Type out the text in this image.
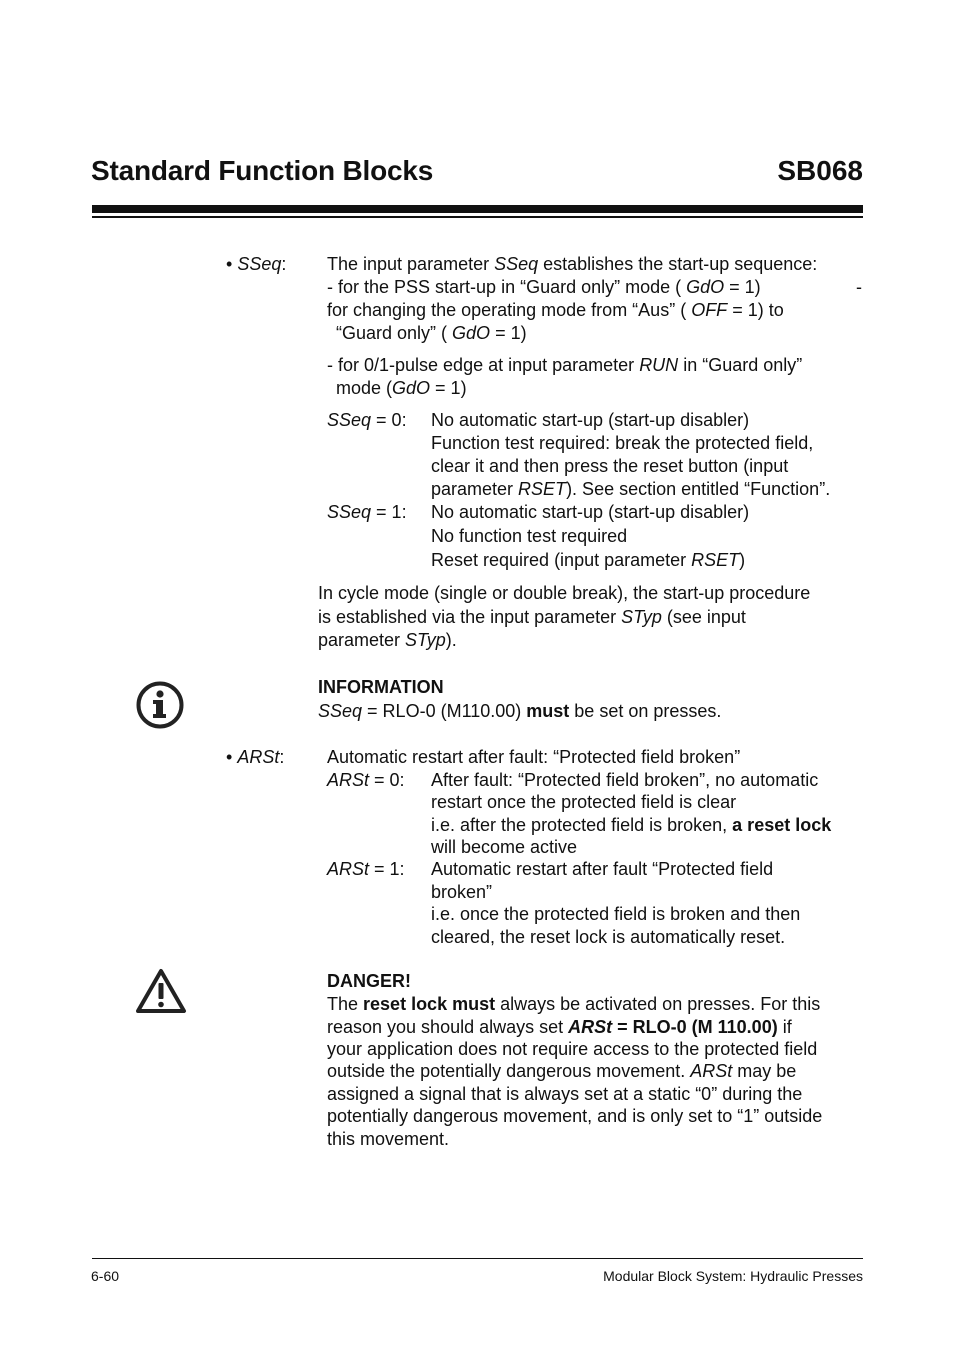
Standard Function Blocks	SB068
• SSeq: The input parameter SSeq establishes the start-up sequence:
- for the PSS start-up in “Guard only” mode ( GdO = 1)	-
for changing the operating mode from “Aus” ( OFF = 1) to
“Guard only” ( GdO = 1)
- for 0/1-pulse edge at input parameter RUN in “Guard only”
mode (GdO = 1)
SSeq = 0: No automatic start-up (start-up disabler)
Function test required: break the protected field,
clear it and then press the reset button (input
parameter RSET). See section entitled “Function”.
SSeq = 1: No automatic start-up (start-up disabler)
No function test required
Reset required (input parameter RSET)
In cycle mode (single or double break), the start-up procedure
is established via the input parameter STyp (see input
parameter STyp).
INFORMATION
SSeq = RLO-0 (M110.00) must be set on presses.
• ARSt: Automatic restart after fault: “Protected field broken”
ARSt = 0: After fault: “Protected field broken”, no automatic
restart once the protected field is clear
i.e. after the protected field is broken, a reset lock
will become active
ARSt = 1: Automatic restart after fault “Protected field
broken”
i.e. once the protected field is broken and then
cleared, the reset lock is automatically reset.
DANGER!
The reset lock must always be activated on presses. For this
reason you should always set ARSt = RLO-0 (M 110.00) if
your application does not require access to the protected field
outside the potentially dangerous movement. ARSt may be
assigned a signal that is always set at a static “0” during the
potentially dangerous movement, and is only set to “1” outside
this movement.
6-60	Modular Block System: Hydraulic Presses
